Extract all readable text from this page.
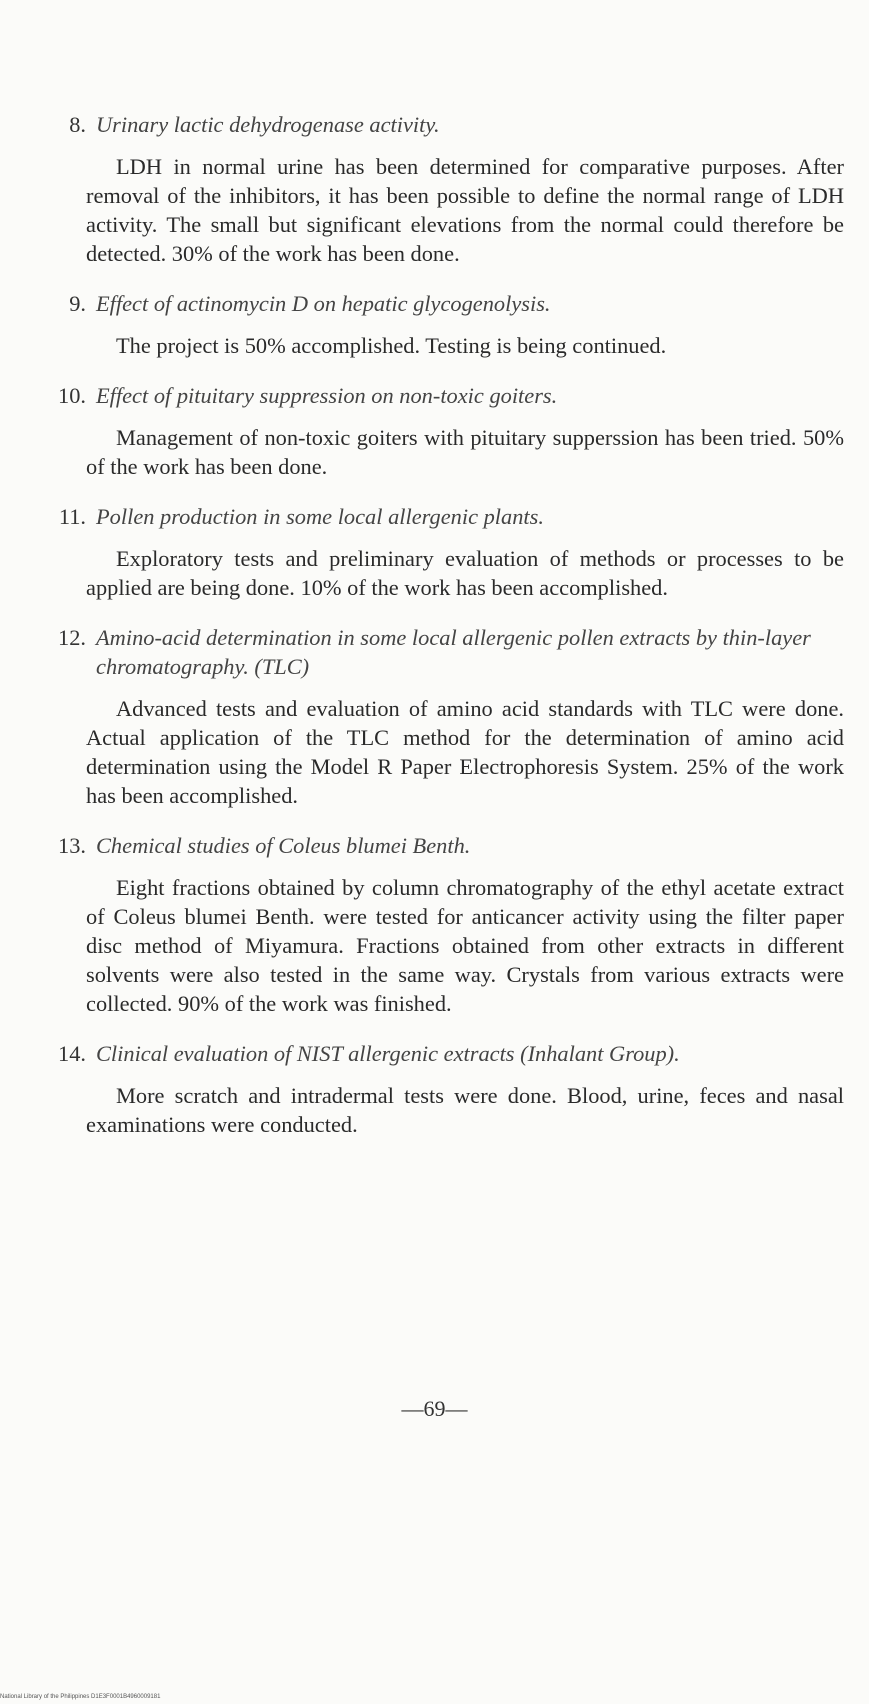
8. Urinary lactic dehydrogenase activity.
LDH in normal urine has been determined for comparative purposes. After removal of the inhibitors, it has been possible to define the normal range of LDH activity. The small but significant elevations from the normal could therefore be detected. 30% of the work has been done.
9. Effect of actinomycin D on hepatic glycogenolysis.
The project is 50% accomplished. Testing is being continued.
10. Effect of pituitary suppression on non-toxic goiters.
Management of non-toxic goiters with pituitary supperssion has been tried. 50% of the work has been done.
11. Pollen production in some local allergenic plants.
Exploratory tests and preliminary evaluation of methods or processes to be applied are being done. 10% of the work has been accomplished.
12. Amino-acid determination in some local allergenic pollen extracts by thin-layer chromatography. (TLC)
Advanced tests and evaluation of amino acid standards with TLC were done. Actual application of the TLC method for the determination of amino acid determination using the Model R Paper Electrophoresis System. 25% of the work has been accomplished.
13. Chemical studies of Coleus blumei Benth.
Eight fractions obtained by column chromatography of the ethyl acetate extract of Coleus blumei Benth. were tested for anticancer activity using the filter paper disc method of Miyamura. Fractions obtained from other extracts in different solvents were also tested in the same way. Crystals from various extracts were collected. 90% of the work was finished.
14. Clinical evaluation of NIST allergenic extracts (Inhalant Group).
More scratch and intradermal tests were done. Blood, urine, feces and nasal examinations were conducted.
—69—
National Library of the Philippines D1E3F0001B4960009181
